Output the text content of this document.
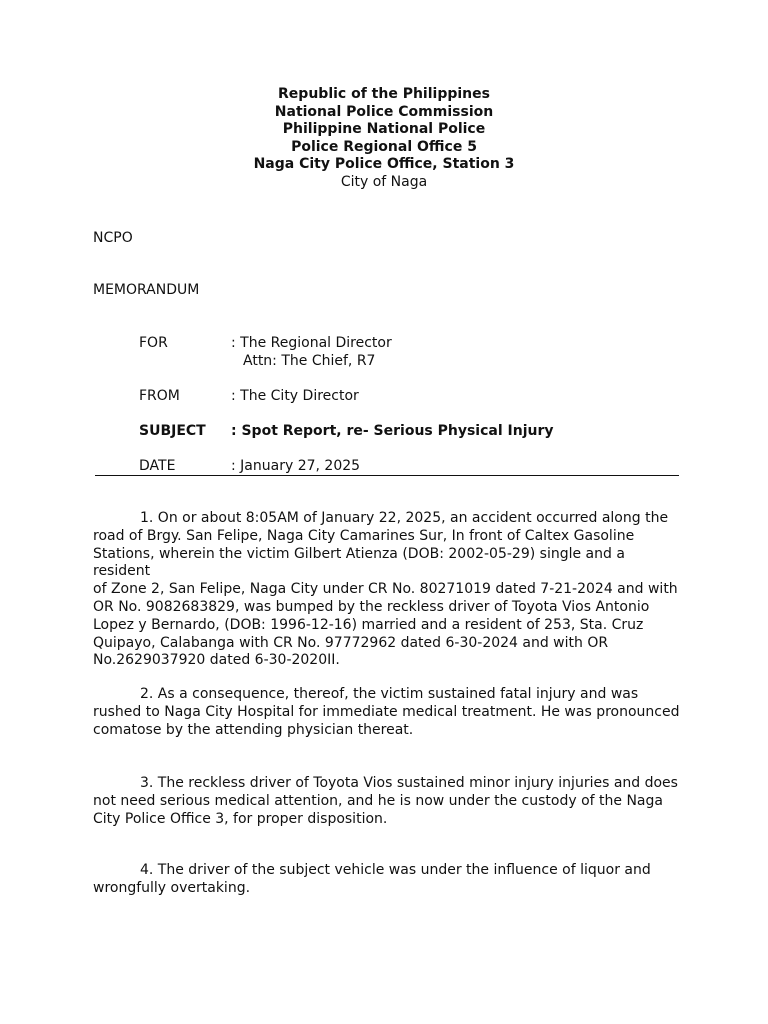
Republic of the Philippines
National Police Commission
Philippine National Police
Police Regional Office 5
Naga City Police Office, Station 3
City of Naga
NCPO
MEMORANDUM
FOR	: The Regional Director
Attn: The Chief, R7
FROM	: The City Director
SUBJECT : Spot Report, re- Serious Physical Injury
DATE	: January 27, 2025
1. On or about 8:05AM of January 22, 2025, an accident occurred along the
road of Brgy. San Felipe, Naga City Camarines Sur, In front of Caltex Gasoline
Stations, wherein the victim Gilbert Atienza (DOB: 2002-05-29) single and a resident
of Zone 2, San Felipe, Naga City under CR No. 80271019 dated 7-21-2024 and with
OR No. 9082683829, was bumped by the reckless driver of Toyota Vios Antonio
Lopez y Bernardo, (DOB: 1996-12-16) married and a resident of 253, Sta. Cruz
Quipayo, Calabanga with CR No. 97772962 dated 6-30-2024 and with OR
No.2629037920 dated 6-30-2020II.
2. As a consequence, thereof, the victim sustained fatal injury and was
rushed to Naga City Hospital for immediate medical treatment. He was pronounced
comatose by the attending physician thereat.
3. The reckless driver of Toyota Vios sustained minor injury injuries and does
not need serious medical attention, and he is now under the custody of the Naga
City Police Office 3, for proper disposition.
4. The driver of the subject vehicle was under the influence of liquor and
wrongfully overtaking.
